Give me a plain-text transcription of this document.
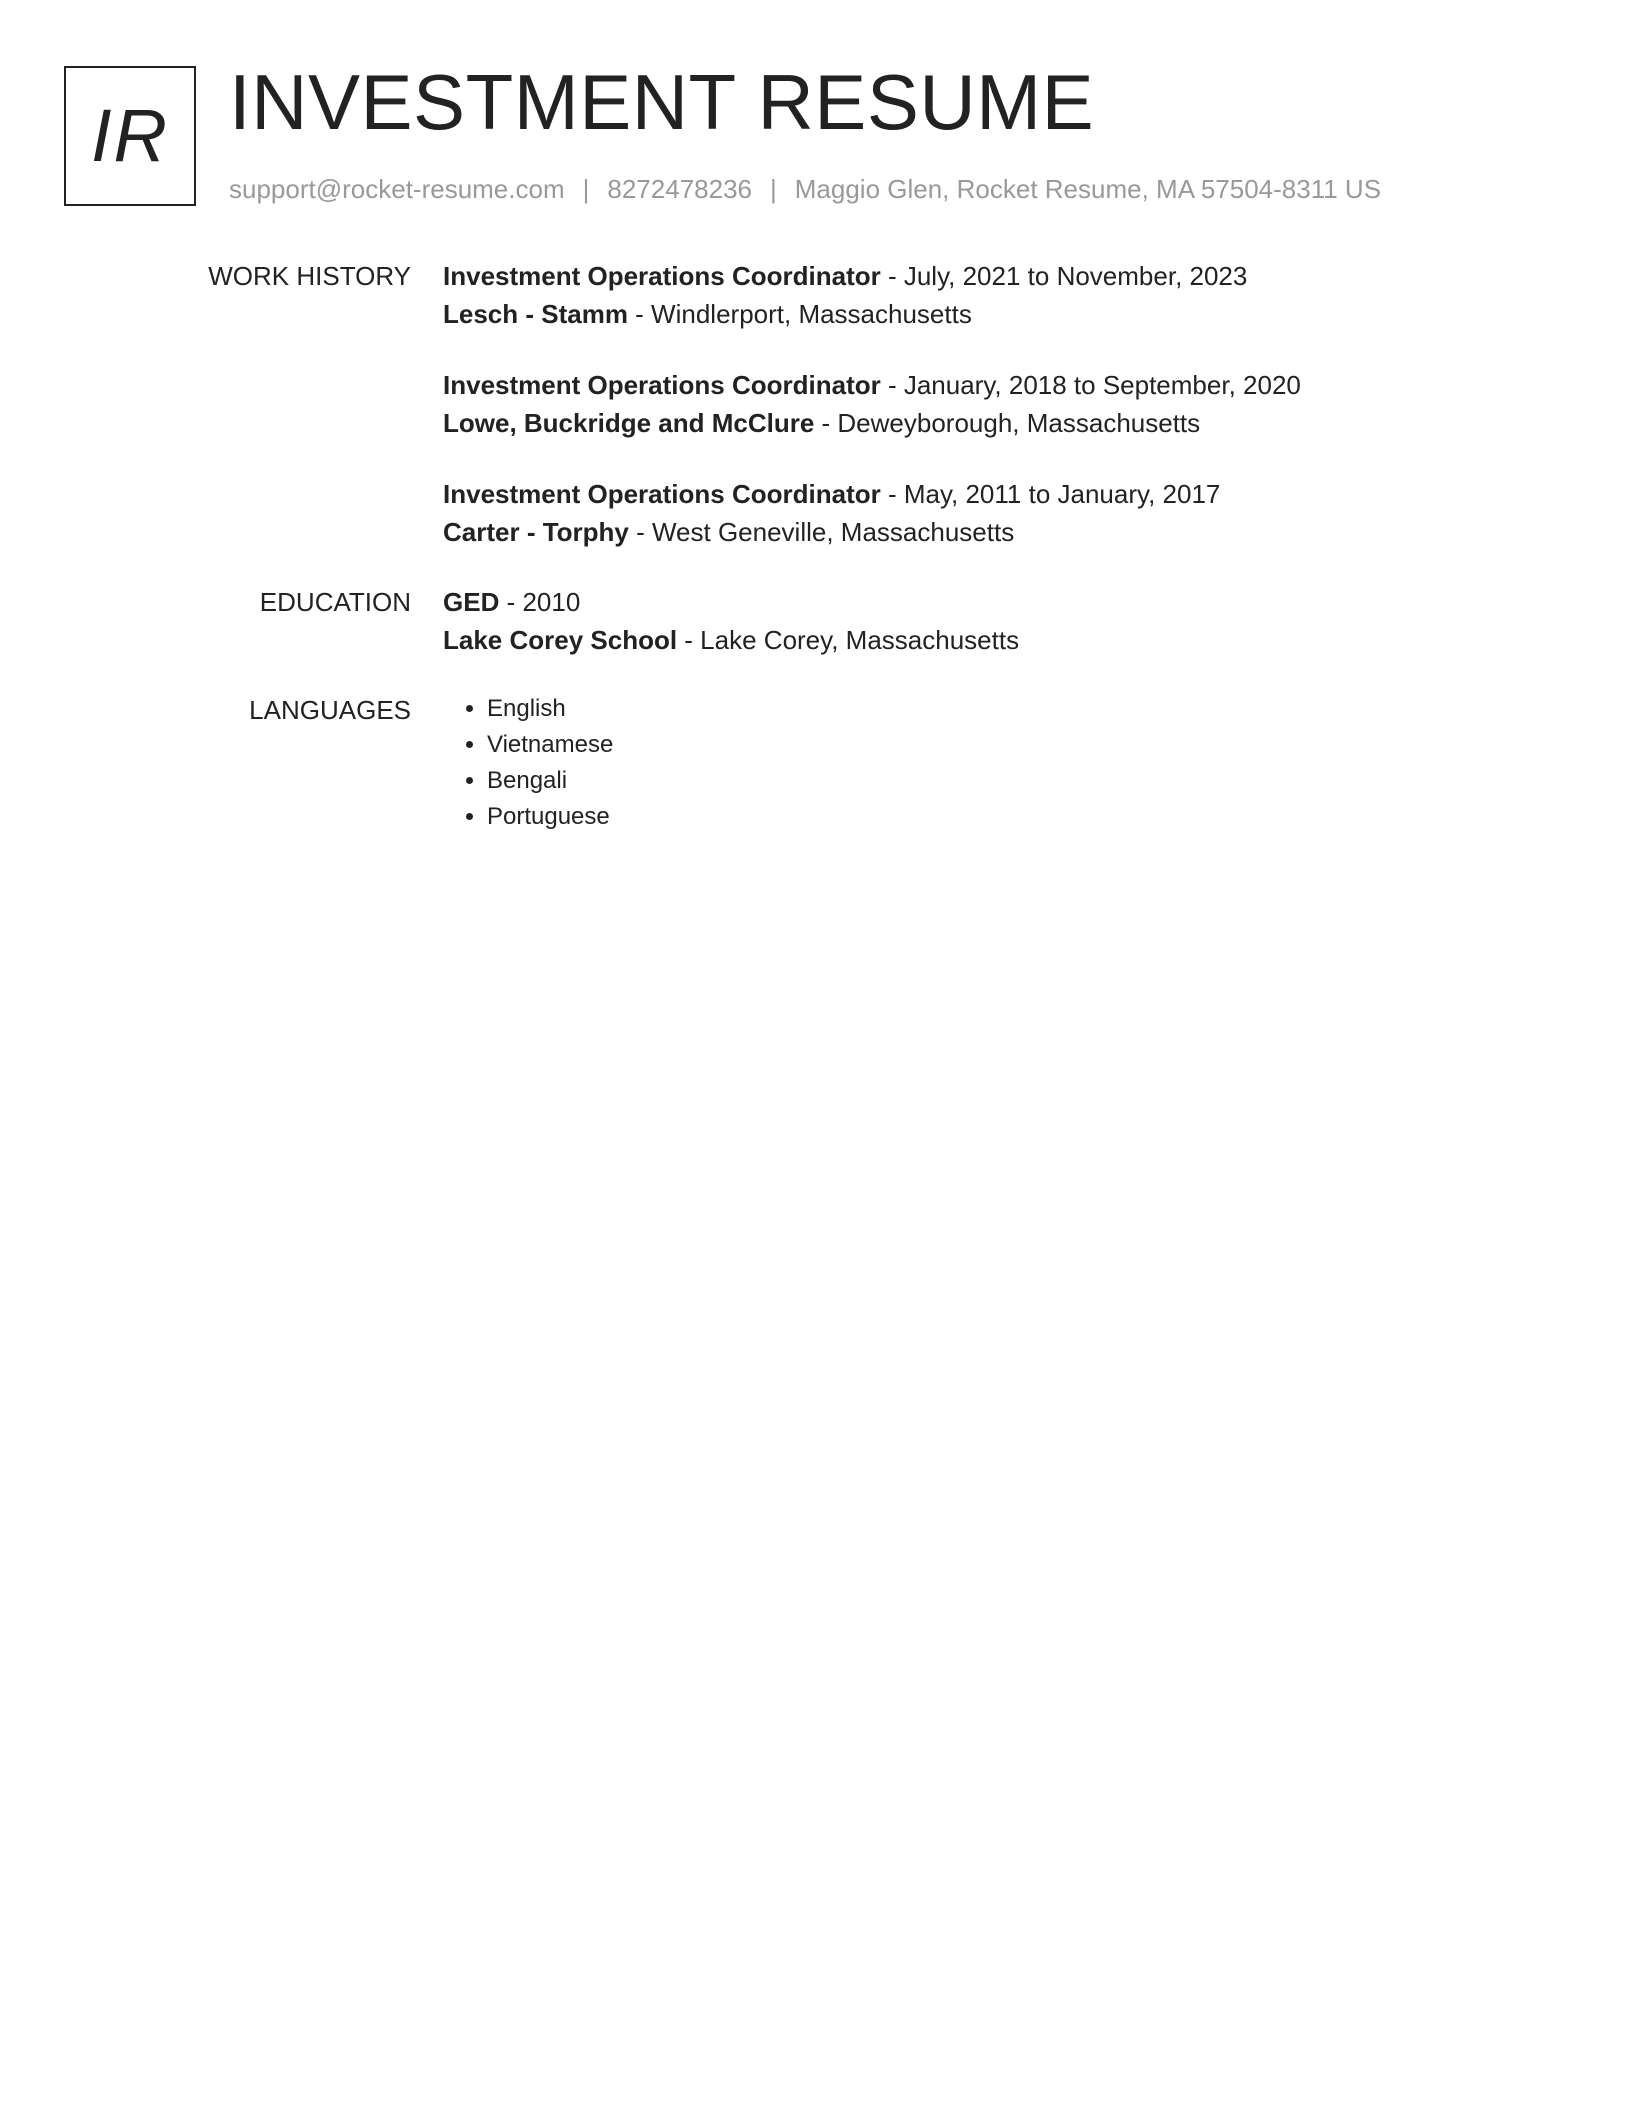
IR INVESTMENT RESUME
support@rocket-resume.com | 8272478236 | Maggio Glen, Rocket Resume, MA 57504-8311 US
WORK HISTORY Investment Operations Coordinator - July, 2021 to November, 2023
Lesch - Stamm - Windlerport, Massachusetts
Investment Operations Coordinator - January, 2018 to September, 2020
Lowe, Buckridge and McClure - Deweyborough, Massachusetts
Investment Operations Coordinator - May, 2011 to January, 2017
Carter - Torphy - West Geneville, Massachusetts
EDUCATION GED - 2010
Lake Corey School - Lake Corey, Massachusetts
LANGUAGES
•	English
• Vietnamese
• Bengali
• Portuguese
